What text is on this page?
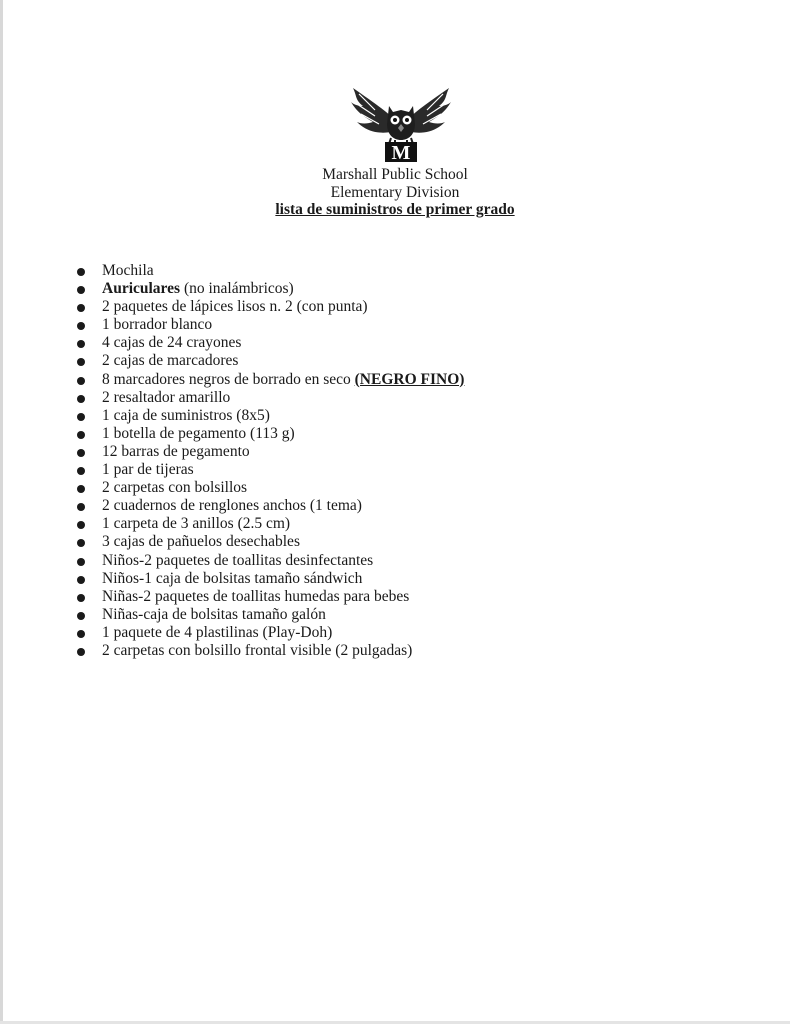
M
Marshall Public School
Elementary Division
lista de suministros de primer grado
Mochila
Auriculares (no inalámbricos)
2 paquetes de lápices lisos n. 2 (con punta)
1 borrador blanco
4 cajas de 24 crayones
2 cajas de marcadores
8 marcadores negros de borrado en seco (NEGRO FINO)
2 resaltador amarillo
1 caja de suministros (8x5)
1 botella de pegamento (113 g)
12 barras de pegamento
1 par de tijeras
2 carpetas con bolsillos
2 cuadernos de renglones anchos (1 tema)
1 carpeta de 3 anillos (2.5 cm)
3 cajas de pañuelos desechables
Niños-2 paquetes de toallitas desinfectantes
Niños-1 caja de bolsitas tamaño sándwich
Niñas-2 paquetes de toallitas humedas para bebes
Niñas-caja de bolsitas tamaño galón
1 paquete de 4 plastilinas (Play-Doh)
2 carpetas con bolsillo frontal visible (2 pulgadas)
